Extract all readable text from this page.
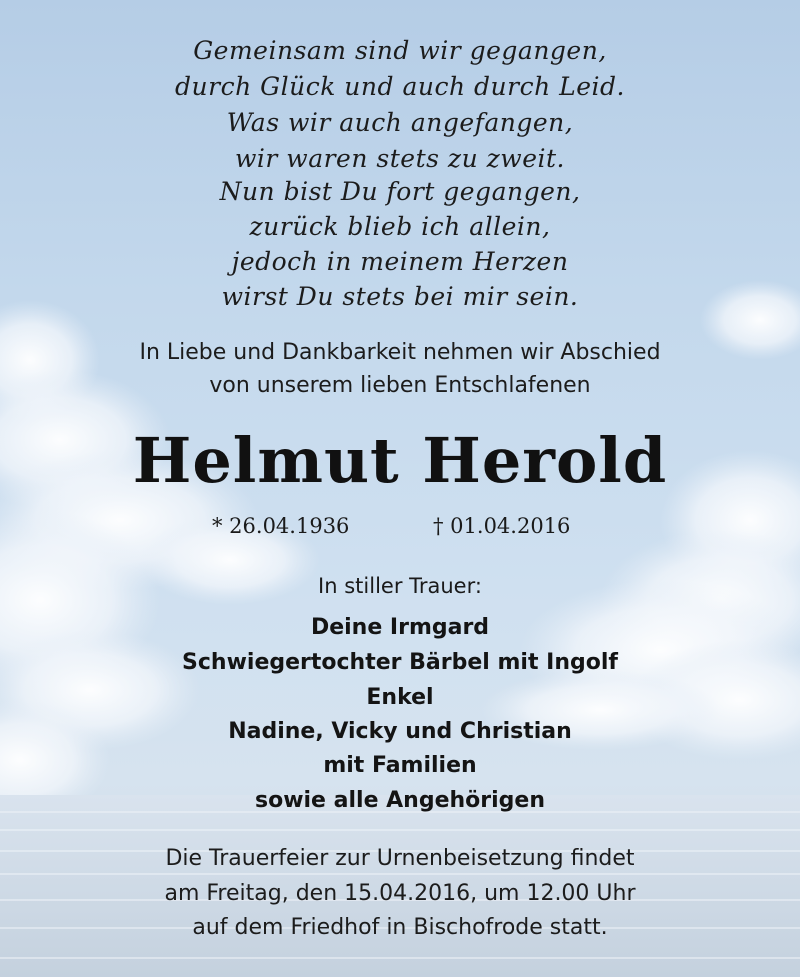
Gemeinsam sind wir gegangen,

durch Glück und auch durch Leid.

Was wir auch angefangen,

wir waren stets zu zweit.

Nun bist Du fort gegangen,

zurück blieb ich allein,

jedoch in meinem Herzen

wirst Du stets bei mir sein.

In Liebe und Dankbarkeit nehmen wir Abschied

von unserem lieben Entschlafenen

Helmut Herold
* 26.04.1936	† 01.04.2016

In stiller Trauer:

Deine Irmgard

Schwiegertochter Bärbel mit Ingolf

Enkel

Nadine, Vicky und Christian

mit Familien

sowie alle Angehörigen

Die Trauerfeier zur Urnenbeisetzung findet

am Freitag, den 15.04.2016, um 12.00 Uhr

auf dem Friedhof in Bischofrode statt.
